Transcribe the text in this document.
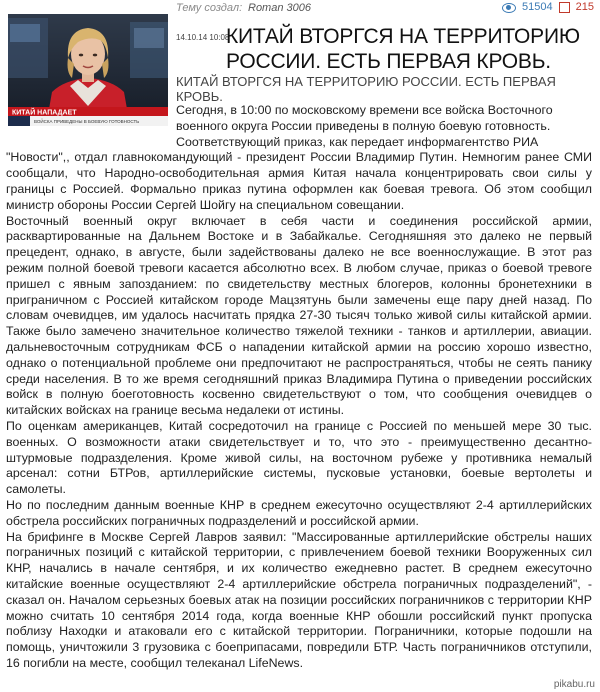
Тему создал: Roman 3006	51504 215
КИТАЙ НАПАДАЕТ
ВОЙСКА ПРИВЕДЕНЫ В БОЕВУЮ ГОТОВНОСТЬ
14.10.14 10:08
КИТАЙ ВТОРГСЯ НА ТЕРРИТОРИЮ РОССИИ. ЕСТЬ ПЕРВАЯ КРОВЬ.

КИТАЙ ВТОРГСЯ НА ТЕРРИТОРИЮ РОССИИ. ЕСТЬ ПЕРВАЯ КРОВЬ.

Сегодня, в 10:00 по московскому времени все войска Восточного военного округа России приведены в полную боевую готовность.

Соответствующий приказ, как передает информагентство РИА

"Новости",, отдал главнокомандующий - президент России Владимир Путин. Немногим ранее СМИ сообщали, что Народно-освободительная армия Китая начала концентрировать свои силы у границы с Россией. Формально приказ путина оформлен как боевая тревога. Об этом сообщил министр обороны России Сергей Шойгу на специальном совещании.

Восточный военный округ включает в себя части и соединения российской армии, расквартированные на Дальнем Востоке и в Забайкалье. Сегодняшняя это далеко не первый прецедент, однако, в августе, были задействованы далеко не все военнослужащие. В этот раз режим полной боевой тревоги касается абсолютно всех. В любом случае, приказ о боевой тревоге пришел с явным запозданием: по свидетельству местных блогеров, колонны бронетехники в приграничном с Россией китайском городе Мацзятунь были замечены еще пару дней назад. По словам очевидцев, им удалось насчитать прядка 27-30 тысяч только живой силы китайской армии. Также было замечено значительное количество тяжелой техники - танков и артиллерии, авиации. дальневосточным сотрудникам ФСБ о нападении китайской армии на россию хорошо известно, однако о потенциальной проблеме они предпочитают не распространяться, чтобы не сеять панику среди населения. В то же время сегодняшний приказ Владимира Путина о приведении российских войск в полную боеготовность косвенно свидетельствуют о том, что сообщения очевидцев о китайских войсках на границе весьма недалеки от истины.

По оценкам американцев, Китай сосредоточил на границе с Россией по меньшей мере 30 тыс. военных. О возможности атаки свидетельствует и то, что это - преимущественно десантно-штурмовые подразделения. Кроме живой силы, на восточном рубеже у противника немалый арсенал: сотни БТРов, артиллерийские системы, пусковые установки, боевые вертолеты и самолеты.

Но по последним данным военные КНР в среднем ежесуточно осуществляют 2-4 артиллерийских обстрела российских пограничных подразделений и российской армии.

На брифинге в Москве Сергей Лавров заявил: "Массированные артиллерийские обстрелы наших пограничных позиций с китайской территории, с привлечением боевой техники Вооруженных сил КНР, начались в начале сентября, и их количество ежедневно растет. В среднем ежесуточно китайские военные осуществляют 2-4 артиллерийские обстрела пограничных подразделений", - сказал он. Началом серьезных боевых атак на позиции российских пограничников с территории КНР можно считать 10 сентября 2014 года, когда военные КНР обошли российский пункт пропуска поблизу Находки и атаковали его с китайской территории. Пограничники, которые подошли на помощь, уничтожили 3 грузовика с боеприпасами, повредили БТР. Часть пограничников отступили, 16 погибли на месте, сообщил телеканал LifeNews.

pikabu.ru
